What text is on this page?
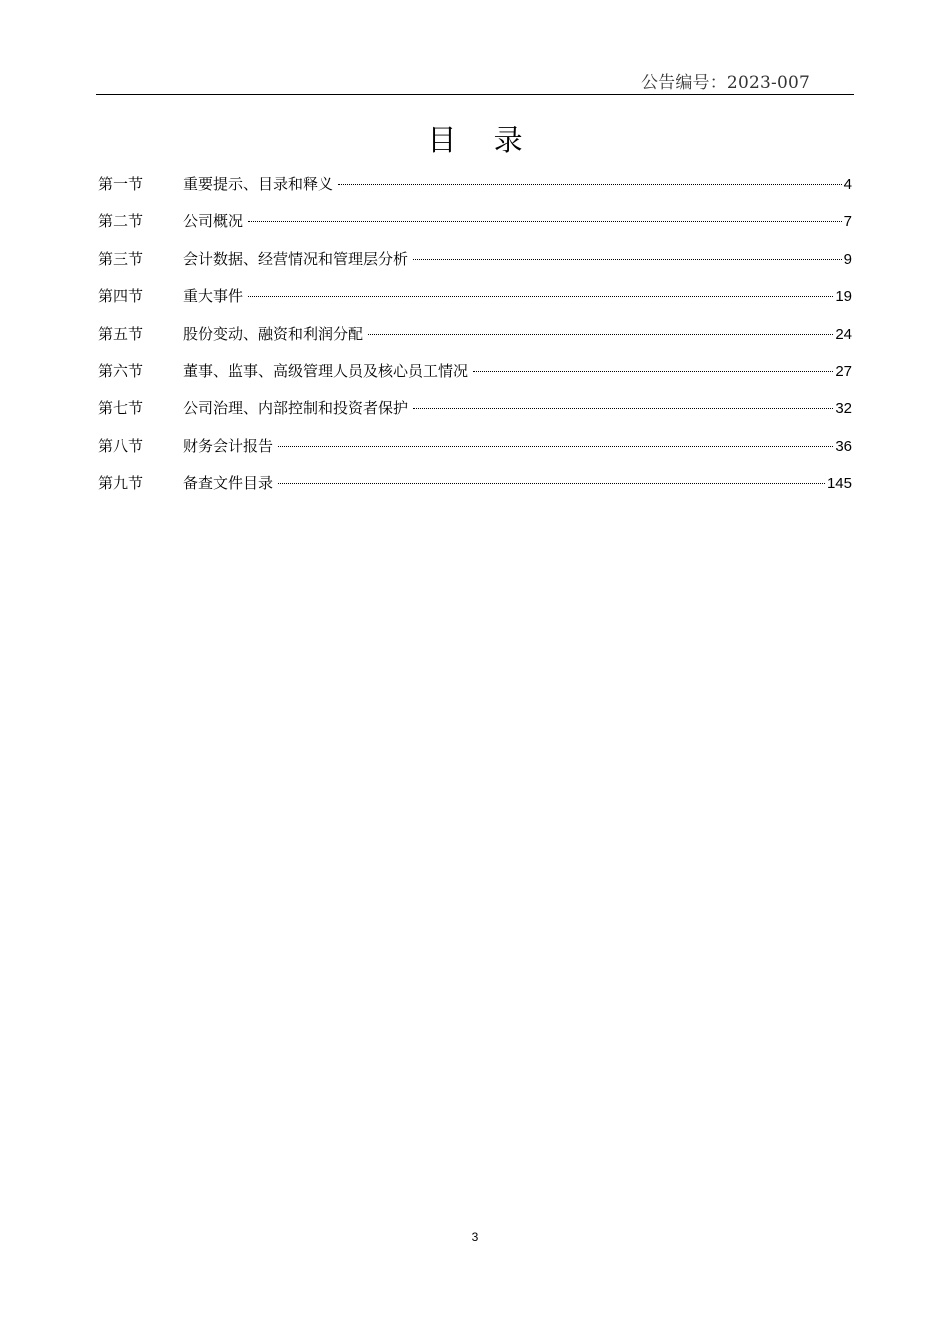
公告编号：2023-007
目 录
第一节	重要提示、目录和释义	4
第二节	公司概况	7
第三节	会计数据、经营情况和管理层分析	9
第四节	重大事件	19
第五节	股份变动、融资和利润分配	24
第六节	董事、监事、高级管理人员及核心员工情况	27
第七节	公司治理、内部控制和投资者保护	32
第八节	财务会计报告	36
第九节	备查文件目录	145
3
